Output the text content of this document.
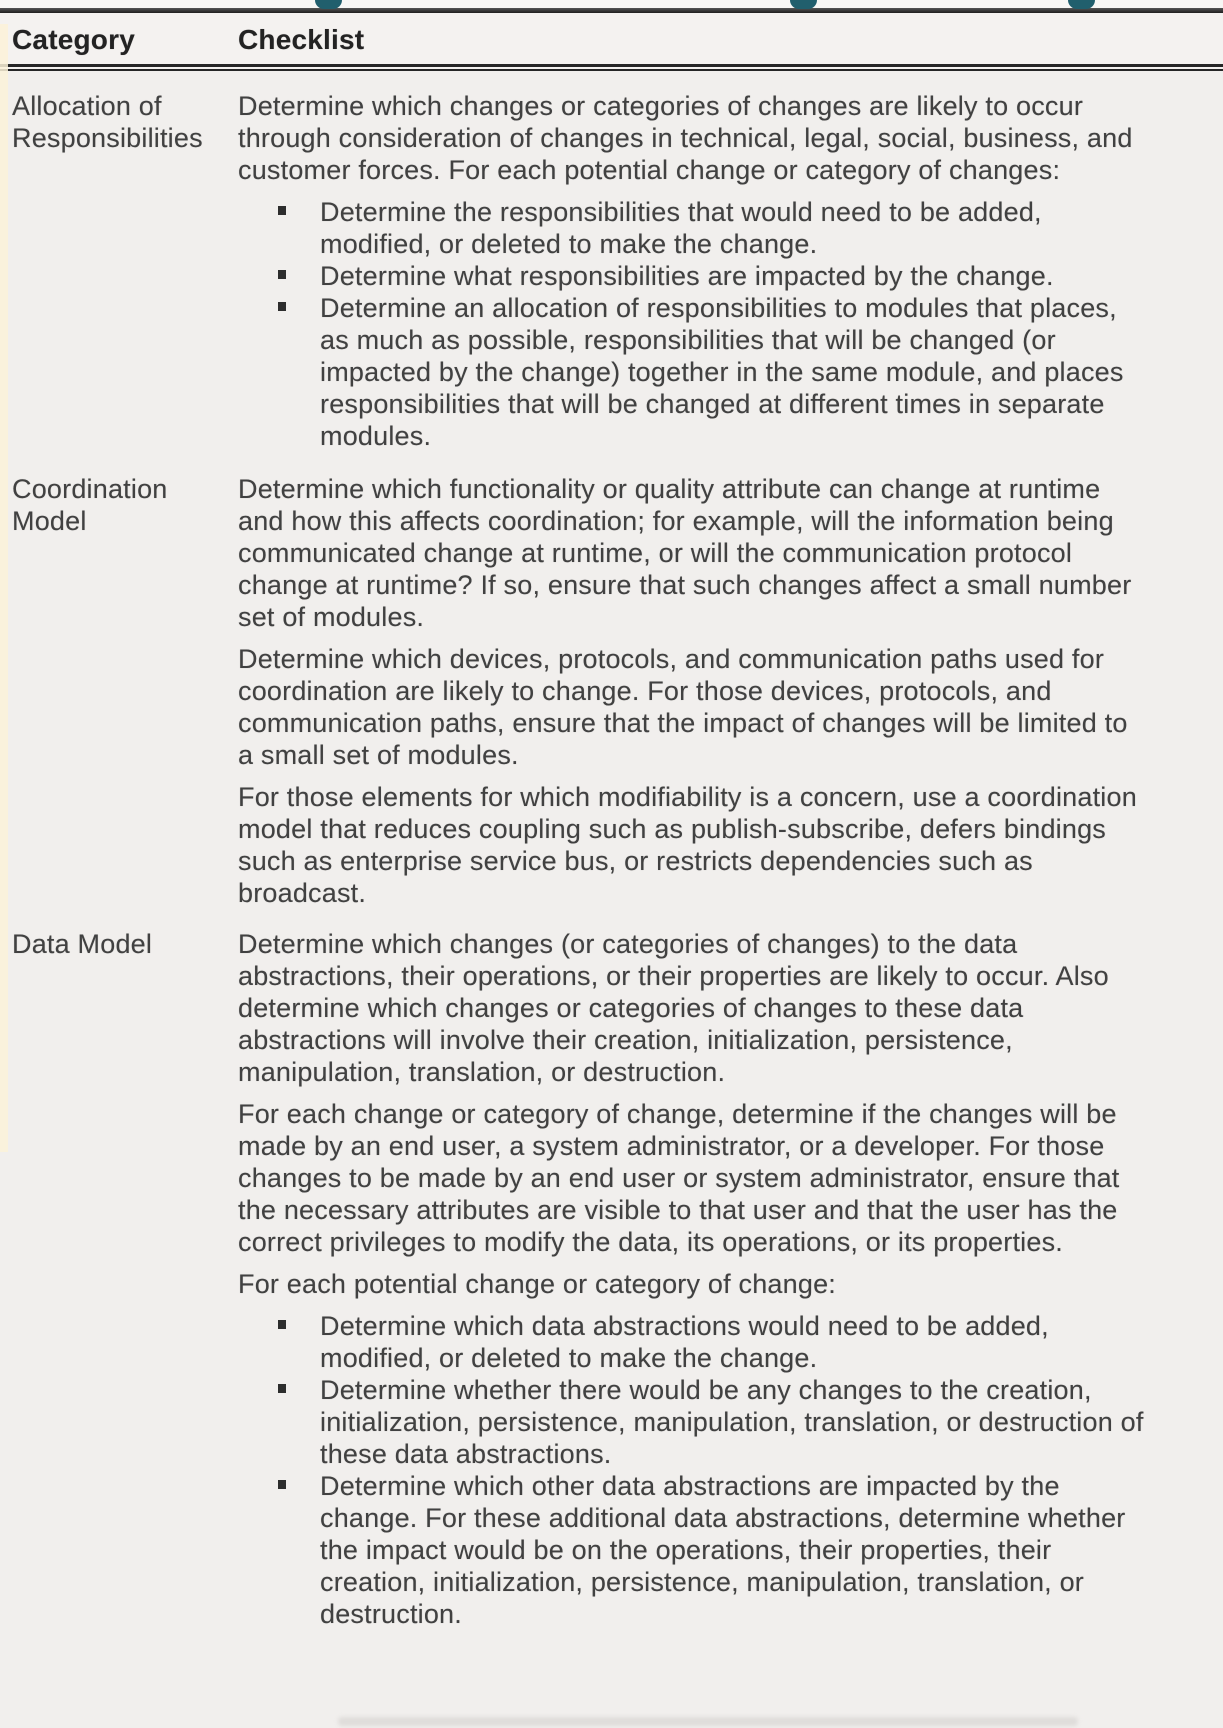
Category	Checklist
Allocation of Responsibilities

Determine which changes or categories of changes are likely to occur through consideration of changes in technical, legal, social, business, and customer forces. For each potential change or category of changes:

Determine the responsibilities that would need to be added, modified, or deleted to make the change.
Determine what responsibilities are impacted by the change.
Determine an allocation of responsibilities to modules that places, as much as possible, responsibilities that will be changed (or impacted by the change) together in the same module, and places responsibilities that will be changed at different times in separate modules.
Coordination Model

Determine which functionality or quality attribute can change at runtime and how this affects coordination; for example, will the information being communicated change at runtime, or will the communication protocol change at runtime? If so, ensure that such changes affect a small number set of modules.

Determine which devices, protocols, and communication paths used for coordination are likely to change. For those devices, protocols, and communication paths, ensure that the impact of changes will be limited to a small set of modules.

For those elements for which modifiability is a concern, use a coordination model that reduces coupling such as publish-subscribe, defers bindings such as enterprise service bus, or restricts dependencies such as broadcast.

Data Model	Determine which changes (or categories of changes) to the data abstractions, their operations, or their properties are likely to occur. Also determine which changes or categories of changes to these data abstractions will involve their creation, initialization, persistence, manipulation, translation, or destruction.

For each change or category of change, determine if the changes will be made by an end user, a system administrator, or a developer. For those changes to be made by an end user or system administrator, ensure that the necessary attributes are visible to that user and that the user has the correct privileges to modify the data, its operations, or its properties.

For each potential change or category of change:

Determine which data abstractions would need to be added, modified, or deleted to make the change.
Determine whether there would be any changes to the creation, initialization, persistence, manipulation, translation, or destruction of these data abstractions.
Determine which other data abstractions are impacted by the change. For these additional data abstractions, determine whether the impact would be on the operations, their properties, their creation, initialization, persistence, manipulation, translation, or destruction.
